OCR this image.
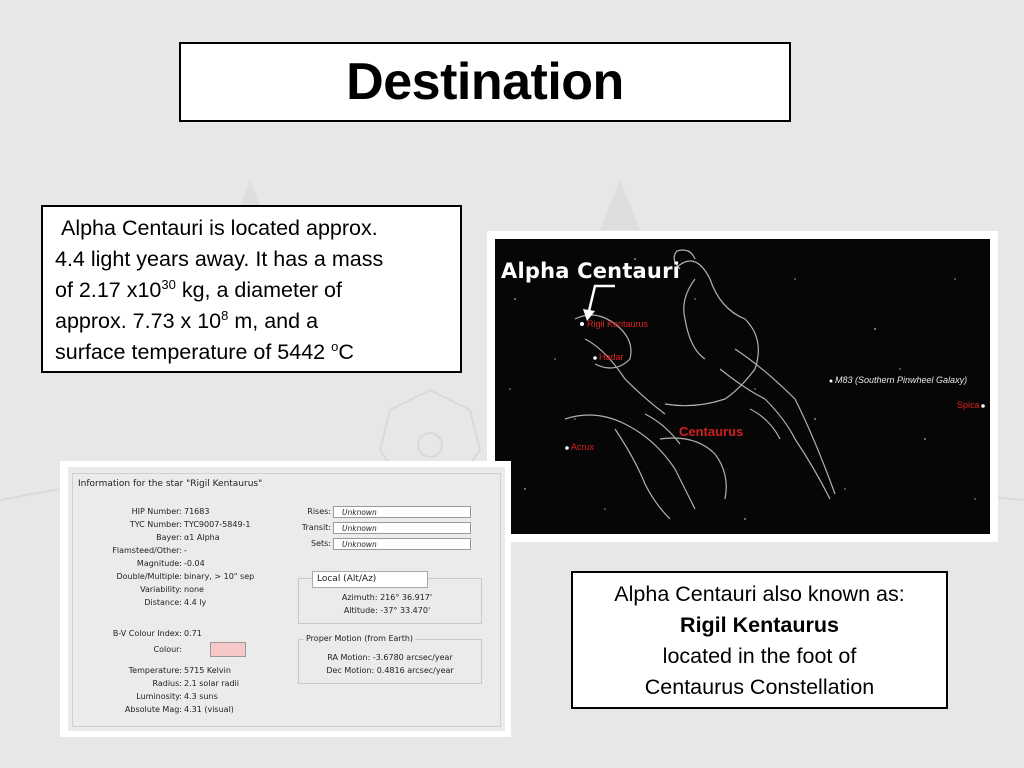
Destination

Alpha Centauri is located approx.
4.4 light years away. It has a mass
of 2.17 $x10^{30}$ kg, a diameter of
approx. 7.73 x $10^8$ m, and a
surface temperature of 5442 $^o$C

Alpha Centauri
Rigil Kentaurus
Hadar
Acrux
Spica
M83 (Southern Pinwheel Galaxy)
Centaurus
Information for the star "Rigil Kentaurus"
HIP Number: 71683
TYC Number: TYC9007-5849-1
Bayer: α1 Alpha
Flamsteed/Other: -
Magnitude: -0.04
Double/Multiple: binary, > 10" sep
Variability: none
Distance: 4.4 ly
B-V Colour Index: 0.71
Colour:
Temperature: 5715 Kelvin
Radius: 2.1 solar radii
Luminosity: 4.3 suns
Absolute Mag: 4.31 (visual)
Rises:	Unknown
Transit:	Unknown
Sets:	Unknown
Local (Alt/Az)
Azimuth: 216° 36.917'
Altitude: -37° 33.470'
Proper Motion (from Earth)
RA Motion: -3.6780 arcsec/year
Dec Motion: 0.4816 arcsec/year
Alpha Centauri also known as:
Rigil Kentaurus
located in the foot of
Centaurus Constellation
